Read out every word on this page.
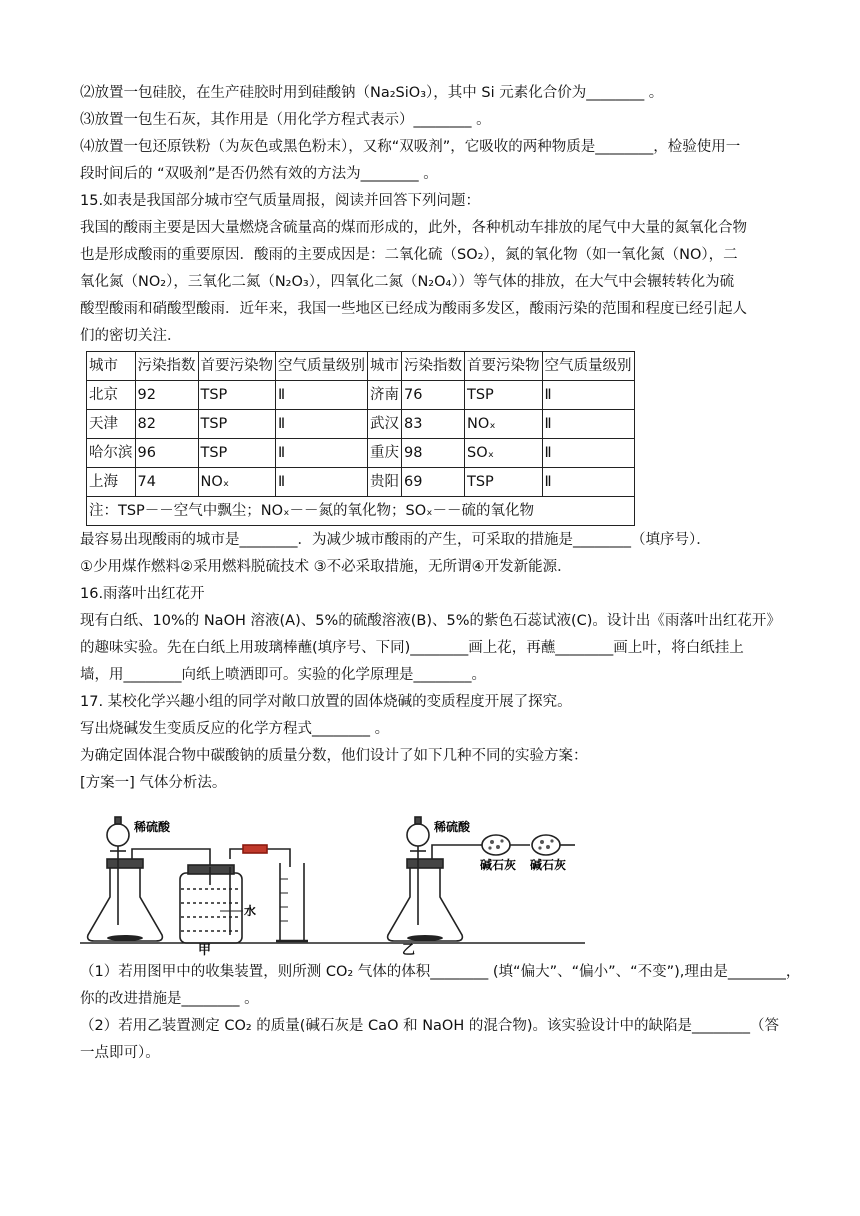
⑵放置一包硅胶，在生产硅胶时用到硅酸钠（Na₂SiO₃），其中 Si 元素化合价为________ 。
⑶放置一包生石灰，其作用是（用化学方程式表示）________ 。
⑷放置一包还原铁粉（为灰色或黑色粉末），又称“双吸剂”，它吸收的两种物质是________，检验使用一
段时间后的 “双吸剂”是否仍然有效的方法为________ 。
15.如表是我国部分城市空气质量周报，阅读并回答下列问题：
我国的酸雨主要是因大量燃烧含硫量高的煤而形成的，此外，各种机动车排放的尾气中大量的氮氧化合物
也是形成酸雨的重要原因．酸雨的主要成因是：二氧化硫（SO₂），氮的氧化物（如一氧化氮（NO），二
氧化氮（NO₂），三氧化二氮（N₂O₃），四氧化二氮（N₂O₄））等气体的排放，在大气中会辗转转化为硫
酸型酸雨和硝酸型酸雨．近年来，我国一些地区已经成为酸雨多发区，酸雨污染的范围和程度已经引起人
们的密切关注．
城市	污染指数	首要污染物	空气质量级别	城市	污染指数	首要污染物	空气质量级别
北京	92	TSP	Ⅱ	济南	76	TSP	Ⅱ
天津	82	TSP	Ⅱ	武汉	83	NOₓ	Ⅱ
哈尔滨	96	TSP	Ⅱ	重庆	98	SOₓ	Ⅱ
上海	74	NOₓ	Ⅱ	贵阳	69	TSP	Ⅱ
注：TSP－－空气中飘尘；NOₓ－－氮的氧化物；SOₓ－－硫的氧化物							
最容易出现酸雨的城市是________．为减少城市酸雨的产生，可采取的措施是________（填序号）．
①少用煤作燃料②采用燃料脱硫技术 ③不必采取措施，无所谓④开发新能源．
16.雨落叶出红花开
现有白纸、10%的 NaOH 溶液(A)、5%的硫酸溶液(B)、5%的紫色石蕊试液(C)。设计出《雨落叶出红花开》
的趣味实验。先在白纸上用玻璃棒蘸(填序号、下同)________画上花，再蘸________画上叶，将白纸挂上
墙，用________向纸上喷洒即可。实验的化学原理是________。
17. 某校化学兴趣小组的同学对敞口放置的固体烧碱的变质程度开展了探究。
写出烧碱发生变质反应的化学方程式________ 。
为确定固体混合物中碳酸钠的质量分数，他们设计了如下几种不同的实验方案：
[方案一] 气体分析法。
稀硫酸	稀硫酸
水
碱石灰 碱石灰
甲	乙
（1）若用图甲中的收集装置，则所测 CO₂ 气体的体积________ (填“偏大”、“偏小”、“不变”),理由是________，
你的改进措施是________ 。
（2）若用乙装置测定 CO₂ 的质量(碱石灰是 CaO 和 NaOH 的混合物)。该实验设计中的缺陷是________（答
一点即可）。
